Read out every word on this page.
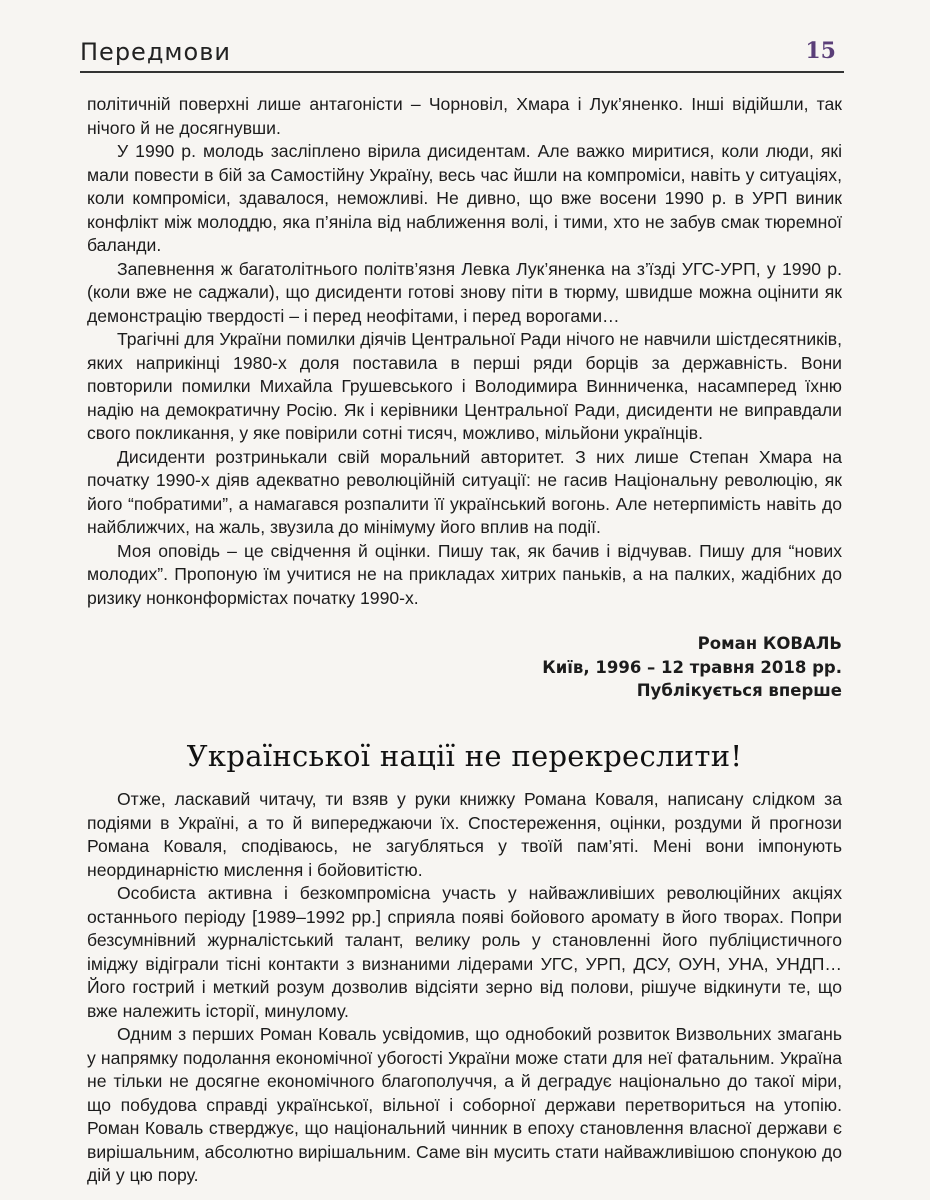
Передмови	15

політичній поверхні лише антагоністи – Чорновіл, Хмара і Лук’яненко. Інші відійшли, так нічого й не досягнувши.

У 1990 р. молодь засліплено вірила дисидентам. Але важко миритися, коли люди, які мали повести в бій за Самостійну Україну, весь час йшли на компроміси, навіть у ситуаціях, коли компроміси, здавалося, неможливі. Не дивно, що вже восени 1990 р. в УРП виник конфлікт між молоддю, яка п’яніла від наближення волі, і тими, хто не забув смак тюремної баланди.

Запевнення ж багатолітнього політв’язня Левка Лук’яненка на з’їзді УГС-УРП, у 1990 р. (коли вже не саджали), що дисиденти готові знову піти в тюрму, швидше можна оцінити як демонстрацію твердості – і перед неофітами, і перед ворогами…

Трагічні для України помилки діячів Центральної Ради нічого не навчили шістдесятників, яких наприкінці 1980-х доля поставила в перші ряди борців за державність. Вони повторили помилки Михайла Грушевського і Володимира Винниченка, насамперед їхню надію на демократичну Росію. Як і керівники Центральної Ради, дисиденти не виправдали свого покликання, у яке повірили сотні тисяч, можливо, мільйони українців.

Дисиденти розтринькали свій моральний авторитет. З них лише Степан Хмара на початку 1990-х діяв адекватно революційній ситуації: не гасив Національну революцію, як його “побратими”, а намагався розпалити її український вогонь. Але нетерпимість навіть до найближчих, на жаль, звузила до мінімуму його вплив на події.

Моя оповідь – це свідчення й оцінки. Пишу так, як бачив і відчував. Пишу для “нових молодих”. Пропоную їм учитися не на прикладах хитрих паньків, а на палких, жадібних до ризику нонконформістах початку 1990-х.

Роман КОВАЛЬ
Київ, 1996 – 12 травня 2018 рр.
Публікується вперше
Української нації не перекреслити!

Отже, ласкавий читачу, ти взяв у руки книжку Романа Коваля, написану слідком за подіями в Україні, а то й випереджаючи їх. Спостереження, оцінки, роздуми й прогнози Романа Коваля, сподіваюсь, не загубляться у твоїй пам’яті. Мені вони імпонують неординарністю мислення і бойовитістю.

Особиста активна і безкомпромісна участь у найважливіших революційних акціях останнього періоду [1989–1992 рр.] сприяла появі бойового аромату в його творах. Попри безсумнівний журналістський талант, велику роль у становленні його публіцистичного іміджу відіграли тісні контакти з визнаними лідерами УГС, УРП, ДСУ, ОУН, УНА, УНДП… Його гострий і меткий розум дозволив відсіяти зерно від полови, рішуче відкинути те, що вже належить історії, минулому.

Одним з перших Роман Коваль усвідомив, що однобокий розвиток Визвольних змагань у напрямку подолання економічної убогості України може стати для неї фатальним. Україна не тільки не досягне економічного благополуччя, а й деградує національно до такої міри, що побудова справді української, вільної і соборної держави перетвориться на утопію. Роман Коваль стверджує, що національний чинник в епоху становлення власної держави є вирішальним, абсолютно вирішальним. Саме він мусить стати найважливішою спонукою до дій у цю пору.
